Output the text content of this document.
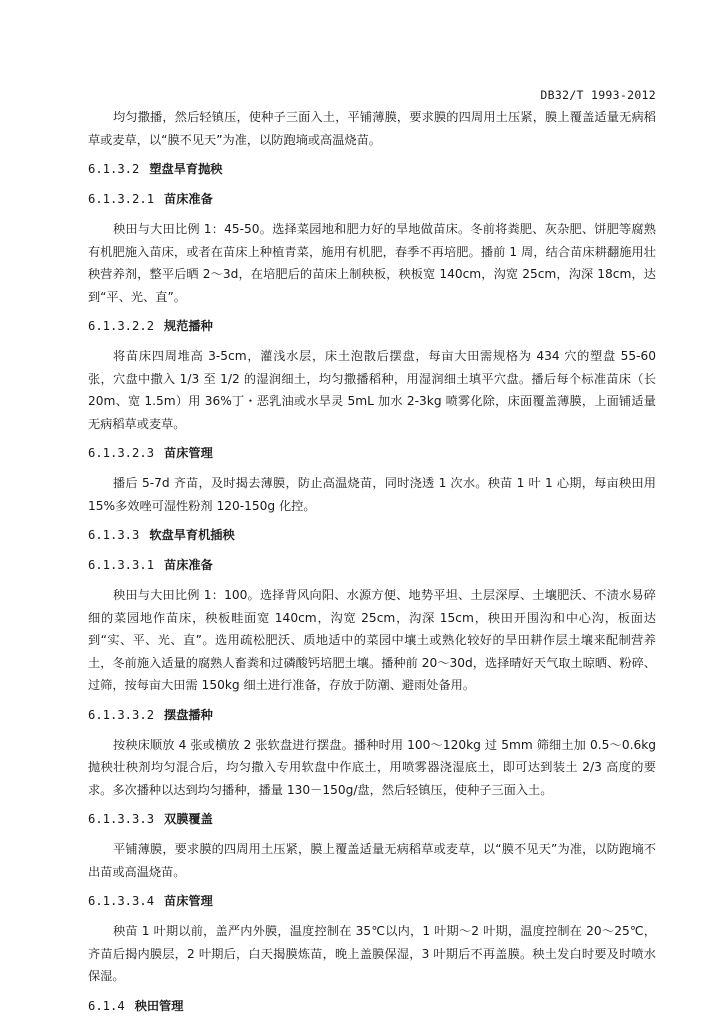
DB32/T 1993-2012

均匀撒播，然后轻镇压，使种子三面入土，平铺薄膜，要求膜的四周用土压紧，膜上覆盖适量无病稻草或麦草，以“膜不见天”为准，以防跑墒或高温烧苗。

6.1.3.2 塑盘旱育抛秧
6.1.3.2.1 苗床准备

秧田与大田比例 1：45-50。选择菜园地和肥力好的旱地做苗床。冬前将粪肥、灰杂肥、饼肥等腐熟有机肥施入苗床，或者在苗床上种植青菜，施用有机肥，春季不再培肥。播前 1 周，结合苗床耕翻施用壮秧营养剂，整平后晒 2～3d，在培肥后的苗床上制秧板，秧板宽 140cm，沟宽 25cm，沟深 18cm，达到“平、光、直”。

6.1.3.2.2 规范播种

将苗床四周堆高 3-5cm，灌浅水层，床土泡散后摆盘，每亩大田需规格为 434 穴的塑盘 55-60 张，穴盘中撒入 1/3 至 1/2 的湿润细土，均匀撒播稻种，用湿润细土填平穴盘。播后每个标准苗床（长 20m、宽 1.5m）用 36%丁・恶乳油或水旱灵 5mL 加水 2-3kg 喷雾化除，床面覆盖薄膜，上面铺适量无病稻草或麦草。

6.1.3.2.3 苗床管理

播后 5-7d 齐苗，及时揭去薄膜，防止高温烧苗，同时浇透 1 次水。秧苗 1 叶 1 心期，每亩秧田用 15%多效唑可湿性粉剂 120-150g 化控。

6.1.3.3 软盘旱育机插秧
6.1.3.3.1 苗床准备

秧田与大田比例 1：100。选择背风向阳、水源方便、地势平坦、土层深厚、土壤肥沃、不渍水易碎细的菜园地作苗床，秧板畦面宽 140cm，沟宽 25cm，沟深 15cm，秧田开围沟和中心沟，板面达到“实、平、光、直”。选用疏松肥沃、质地适中的菜园中壤土或熟化较好的旱田耕作层土壤来配制营养土，冬前施入适量的腐熟人畜粪和过磷酸钙培肥土壤。播种前 20～30d，选择晴好天气取土晾晒、粉碎、过筛，按每亩大田需 150kg 细土进行准备，存放于防潮、避雨处备用。

6.1.3.3.2 摆盘播种

按秧床顺放 4 张或横放 2 张软盘进行摆盘。播种时用 100～120kg 过 5mm 筛细土加 0.5～0.6kg 抛秧壮秧剂均匀混合后，均匀撒入专用软盘中作底土，用喷雾器浇湿底土，即可达到装土 2/3 高度的要求。多次播种以达到均匀播种，播量 130－150g/盘，然后轻镇压，使种子三面入土。

6.1.3.3.3 双膜覆盖

平铺薄膜，要求膜的四周用土压紧，膜上覆盖适量无病稻草或麦草，以“膜不见天”为准，以防跑墒不出苗或高温烧苗。

6.1.3.3.4 苗床管理

秧苗 1 叶期以前，盖严内外膜，温度控制在 35℃以内，1 叶期～2 叶期，温度控制在 20～25℃，齐苗后揭内膜层，2 叶期后，白天揭膜炼苗，晚上盖膜保湿，3 叶期后不再盖膜。秧土发白时要及时喷水保湿。

6.1.4 秧田管理
